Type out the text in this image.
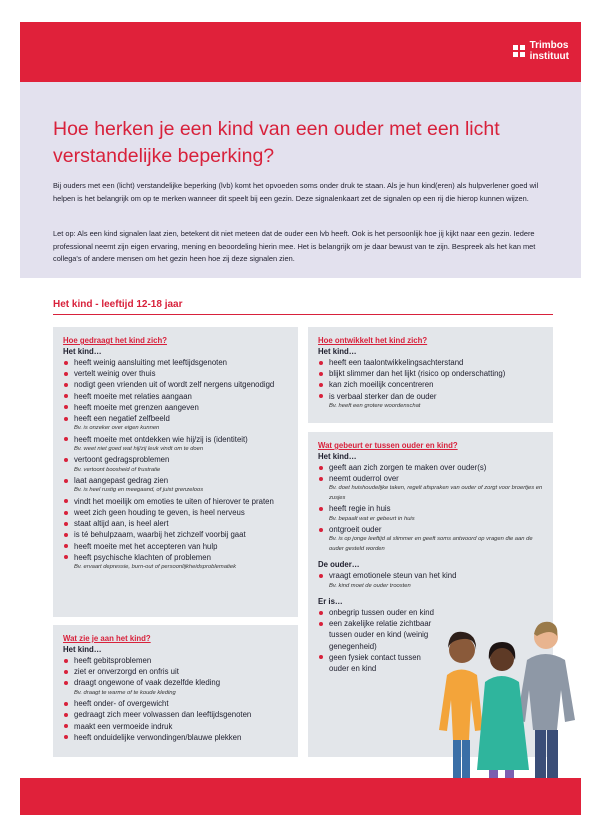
Trimbos
instituut
Hoe herken je een kind van een ouder met een licht verstandelijke beperking?

Bij ouders met een (licht) verstandelijke beperking (lvb) komt het opvoeden soms onder druk te staan. Als je hun kind(eren) als hulpverlener goed wil helpen is het belangrijk om op te merken wanneer dit speelt bij een gezin. Deze signalenkaart zet de signalen op een rij die hierop kunnen wijzen.

Let op: Als een kind signalen laat zien, betekent dit niet meteen dat de ouder een lvb heeft. Ook is het persoonlijk hoe jij kijkt naar een gezin. Iedere professional neemt zijn eigen ervaring, mening en beoordeling hierin mee. Het is belangrijk om je daar bewust van te zijn. Bespreek als het kan met collega's of andere mensen om het gezin heen hoe zij deze signalen zien.

Het kind - leeftijd 12-18 jaar
Hoe gedraagt het kind zich?
Het kind…
heeft weinig aansluiting met leeftijdsgenoten
vertelt weinig over thuis
nodigt geen vrienden uit of wordt zelf nergens uitgenodigd
heeft moeite met relaties aangaan
heeft moeite met grenzen aangeven
heeft een negatief zelfbeeld
Bv. is onzeker over eigen kunnen
heeft moeite met ontdekken wie hij/zij is (identiteit)
Bv. weet niet goed wat hij/zij leuk vindt om te doen
vertoont gedragsproblemen
Bv. vertoont boosheid of frustratie
laat aangepast gedrag zien
Bv. is heel rustig en meegaand, of juist grenzeloos
vindt het moeilijk om emoties te uiten of hierover te praten
weet zich geen houding te geven, is heel nerveus
staat altijd aan, is heel alert
is té behulpzaam, waarbij het zichzelf voorbij gaat
heeft moeite met het accepteren van hulp
heeft psychische klachten of problemen
Bv. ervaart depressie, burn-out of persoonlijkheidsproblematiek
Wat zie je aan het kind?
Het kind…
heeft gebitsproblemen
ziet er onverzorgd en onfris uit
draagt ongewone of vaak dezelfde kleding
Bv. draagt te warme of te koude kleding
heeft onder- of overgewicht
gedraagt zich meer volwassen dan leeftijdsgenoten
maakt een vermoeide indruk
heeft onduidelijke verwondingen/blauwe plekken
Hoe ontwikkelt het kind zich?
Het kind…
heeft een taalontwikkelingsachterstand
blijkt slimmer dan het lijkt (risico op onderschatting)
kan zich moeilijk concentreren
is verbaal sterker dan de ouder
Bv. heeft een grotere woordenschat
Wat gebeurt er tussen ouder en kind?
Het kind…
geeft aan zich zorgen te maken over ouder(s)
neemt ouderrol over
Bv. doet huishoudelijke taken, regelt afspraken van ouder of zorgt voor broertjes en zusjes
heeft regie in huis
Bv. bepaalt wat er gebeurt in huis
ontgroeit ouder
Bv. is op jonge leeftijd al slimmer en geeft soms antwoord op vragen die aan de ouder gesteld worden
De ouder…
vraagt emotionele steun van het kind
Bv. kind moet de ouder troosten
Er is…
onbegrip tussen ouder en kind
een zakelijke relatie zichtbaar tussen ouder en kind (weinig genegenheid)
geen fysiek contact tussen ouder en kind
